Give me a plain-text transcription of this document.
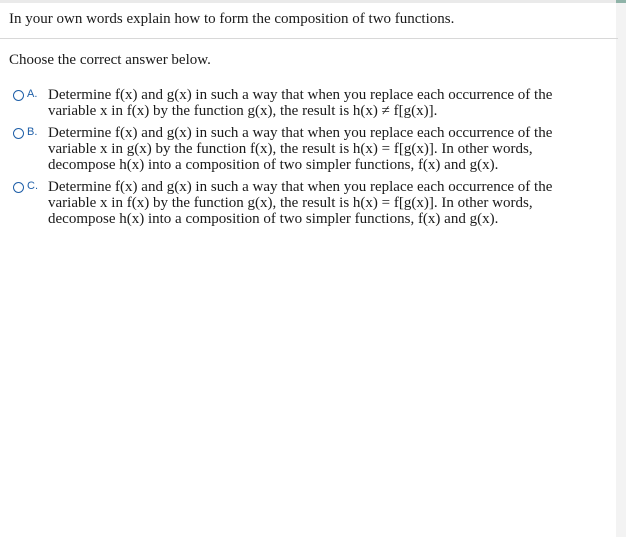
In your own words explain how to form the composition of two functions.

Choose the correct answer below.

A. Determine f(x) and g(x) in such a way that when you replace each occurrence of the
variable x in f(x) by the function g(x), the result is h(x) ≠ f[g(x)].
B. Determine f(x) and g(x) in such a way that when you replace each occurrence of the
variable x in g(x) by the function f(x), the result is h(x) = f[g(x)]. In other words,
decompose h(x) into a composition of two simpler functions, f(x) and g(x).
C. Determine f(x) and g(x) in such a way that when you replace each occurrence of the
variable x in f(x) by the function g(x), the result is h(x) = f[g(x)]. In other words,
decompose h(x) into a composition of two simpler functions, f(x) and g(x).
